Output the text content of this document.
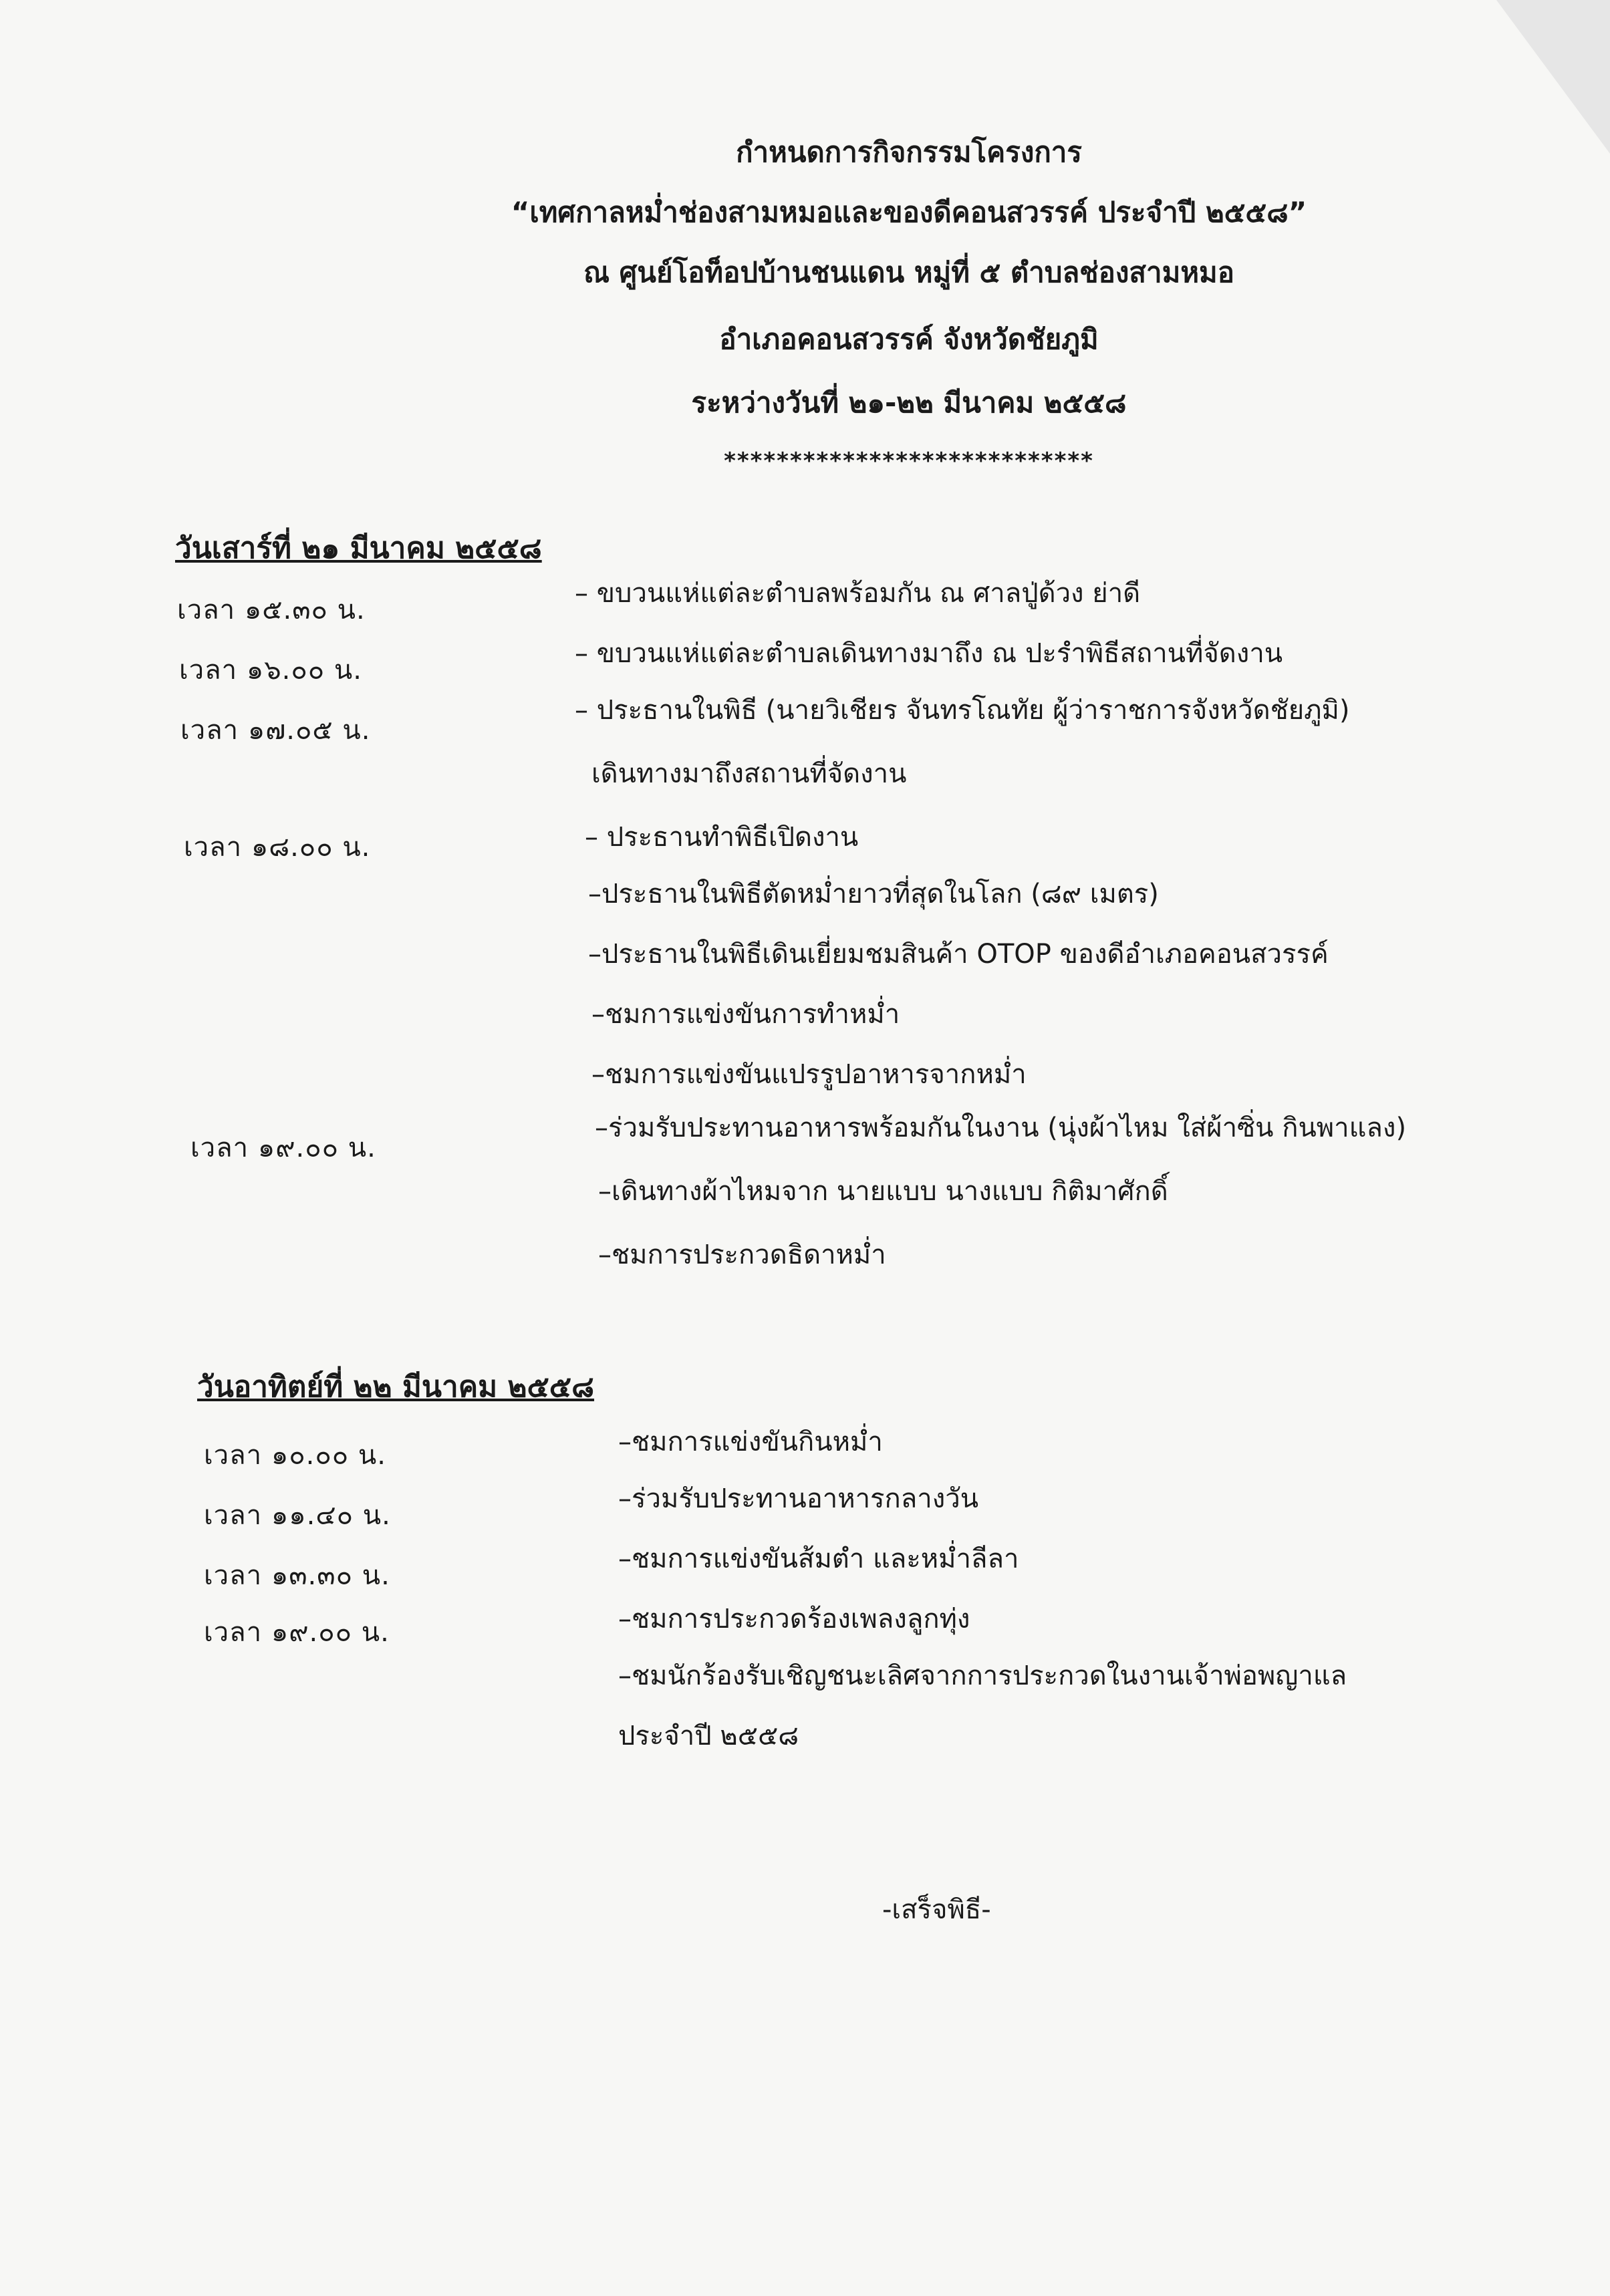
กำหนดการกิจกรรมโครงการ
“เทศกาลหม่ำช่องสามหมอและของดีคอนสวรรค์ ประจำปี ๒๕๕๘”
ณ ศูนย์โอท็อปบ้านชนแดน หมู่ที่ ๕ ตำบลช่องสามหมอ
อำเภอคอนสวรรค์ จังหวัดชัยภูมิ
ระหว่างวันที่ ๒๑-๒๒ มีนาคม ๒๕๕๘
****************************
วันเสาร์ที่ ๒๑ มีนาคม ๒๕๕๘
เวลา ๑๕.๓๐ น.
เวลา ๑๖.๐๐ น.
เวลา ๑๗.๐๕ น.
เวลา ๑๘.๐๐ น.
เวลา ๑๙.๐๐ น.
– ขบวนแห่แต่ละตำบลพร้อมกัน ณ ศาลปู่ด้วง ย่าดี
– ขบวนแห่แต่ละตำบลเดินทางมาถึง ณ ปะรำพิธีสถานที่จัดงาน
– ประธานในพิธี (นายวิเชียร จันทรโณทัย ผู้ว่าราชการจังหวัดชัยภูมิ)
เดินทางมาถึงสถานที่จัดงาน
– ประธานทำพิธีเปิดงาน
–ประธานในพิธีตัดหม่ำยาวที่สุดในโลก (๘๙ เมตร)
–ประธานในพิธีเดินเยี่ยมชมสินค้า OTOP ของดีอำเภอคอนสวรรค์
–ชมการแข่งขันการทำหม่ำ
–ชมการแข่งขันแปรรูปอาหารจากหม่ำ
–ร่วมรับประทานอาหารพร้อมกันในงาน (นุ่งผ้าไหม ใส่ผ้าซิ่น กินพาแลง)
–เดินทางผ้าไหมจาก นายแบบ นางแบบ กิติมาศักดิ์
–ชมการประกวดธิดาหม่ำ
วันอาทิตย์ที่ ๒๒ มีนาคม ๒๕๕๘
เวลา ๑๐.๐๐ น.
เวลา ๑๑.๔๐ น.
เวลา ๑๓.๓๐ น.
เวลา ๑๙.๐๐ น.
–ชมการแข่งขันกินหม่ำ
–ร่วมรับประทานอาหารกลางวัน
–ชมการแข่งขันส้มตำ และหม่ำลีลา
–ชมการประกวดร้องเพลงลูกทุ่ง
–ชมนักร้องรับเชิญชนะเลิศจากการประกวดในงานเจ้าพ่อพญาแล
ประจำปี ๒๕๕๘
-เสร็จพิธี-
